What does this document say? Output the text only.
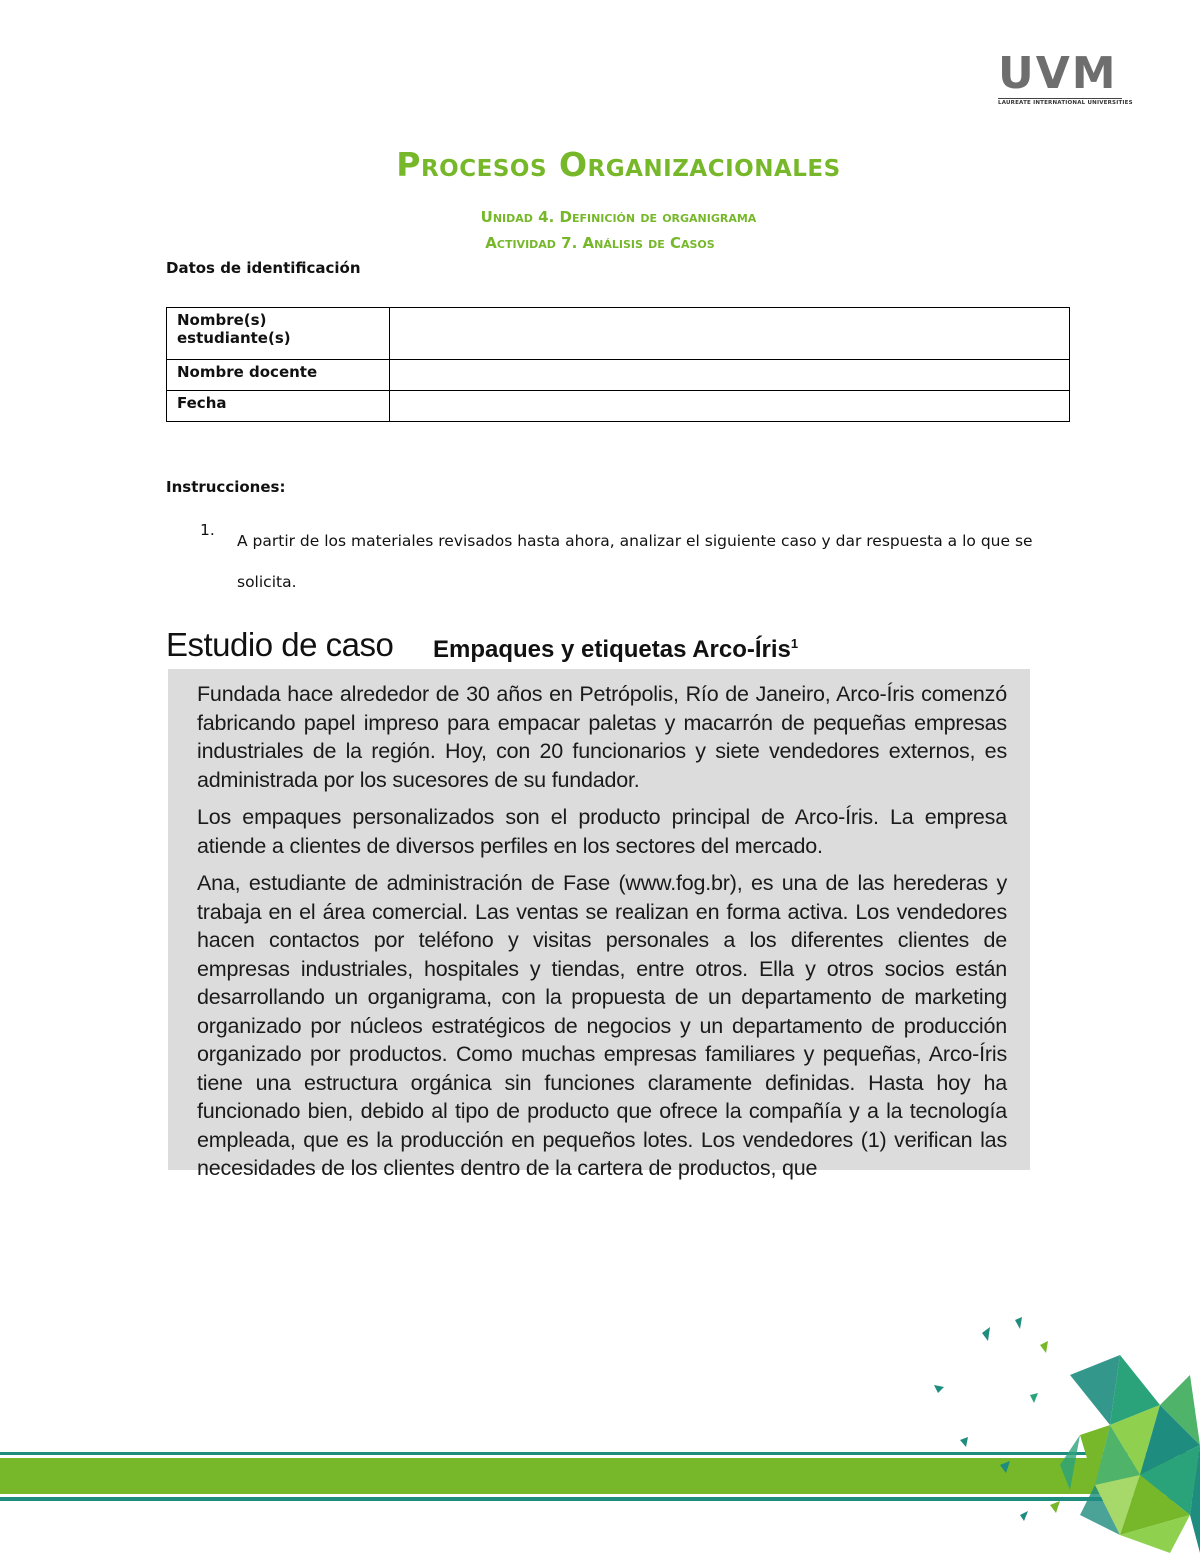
UVM
LAUREATE INTERNATIONAL UNIVERSITIES
Procesos Organizacionales
Unidad 4. Definición de organigrama
Actividad 7. Análisis de Casos
Datos de identificación
Nombre(s) estudiante(s)	
Nombre docente	
Fecha	
Instrucciones:
1.
A partir de los materiales revisados hasta ahora, analizar el siguiente caso y dar respuesta a lo que se solicita.
Estudio de caso Empaques y etiquetas Arco-Íris$^1$

Fundada hace alrededor de 30 años en Petrópolis, Río de Janeiro, Arco-Íris comenzó fabricando papel impreso para empacar paletas y macarrón de pequeñas empresas industriales de la región. Hoy, con 20 funcionarios y siete vendedores externos, es administrada por los sucesores de su fundador.

Los empaques personalizados son el producto principal de Arco-Íris. La empresa atiende a clientes de diversos perfiles en los sectores del mercado.

Ana, estudiante de administración de Fase (www.fog.br), es una de las herederas y trabaja en el área comercial. Las ventas se realizan en forma activa. Los vendedores hacen contactos por teléfono y visitas personales a los diferentes clientes de empresas industriales, hospitales y tiendas, entre otros. Ella y otros socios están desarrollando un organigrama, con la propuesta de un departamento de marketing organizado por núcleos estratégicos de negocios y un departamento de producción organizado por productos. Como muchas empresas familiares y pequeñas, Arco-Íris tiene una estructura orgánica sin funciones claramente definidas. Hasta hoy ha funcionado bien, debido al tipo de producto que ofrece la compañía y a la tecnología empleada, que es la producción en pequeños lotes. Los vendedores (1) verifican las necesidades de los clientes dentro de la cartera de productos, que
